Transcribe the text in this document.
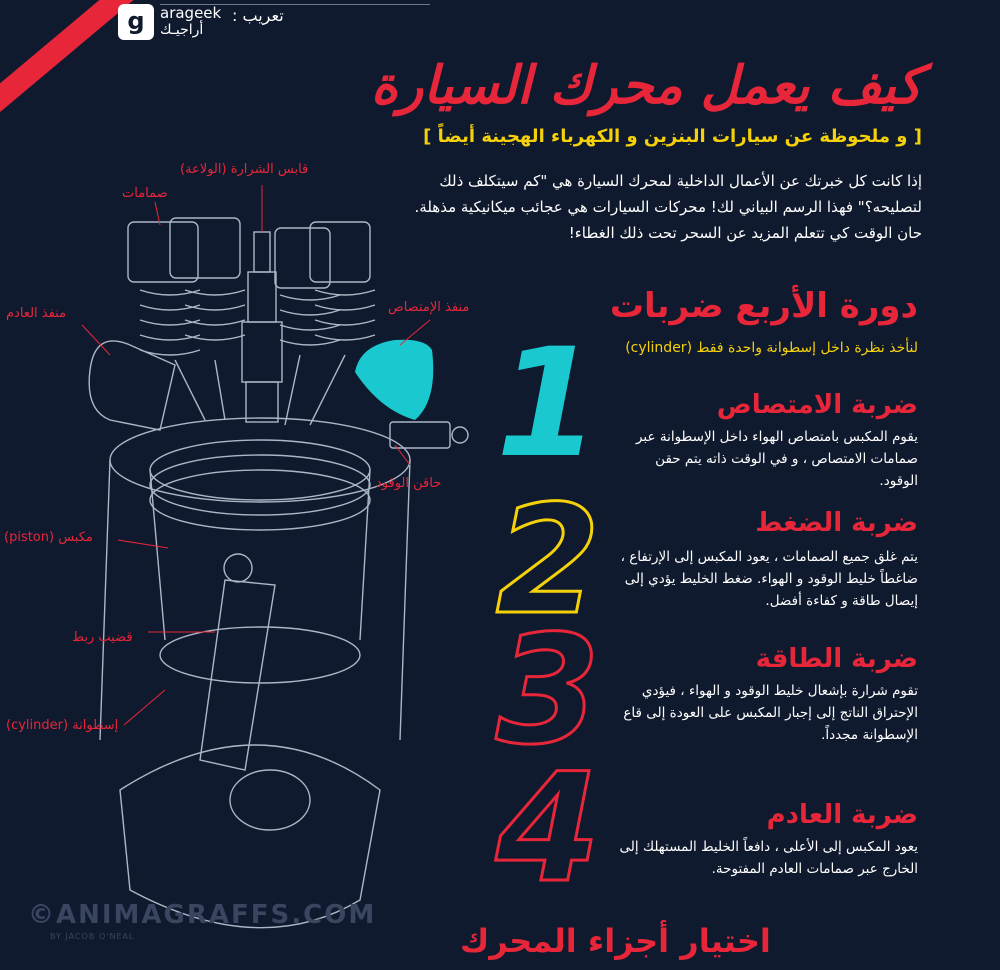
g	arageek
أراجيـك
تعريب :
كيف يعمل محرك السيارة
[ و ملحوظة عن سيارات البنزين و الكهرباء الهجينة أيضاً ]
إذا كانت كل خبرتك عن الأعمال الداخلية لمحرك السيارة هي "كم سيتكلف ذلك لتصليحه؟" فهذا الرسم البياني لك! محركات السيارات هي عجائب ميكانيكية مذهلة. حان الوقت كي تتعلم المزيد عن السحر تحت ذلك الغطاء!
دورة الأربع ضربات
لنأخذ نظرة داخل إسطوانة واحدة فقط (cylinder)
1
2
3
4
قابس الشرارة (الولاعة)
صمامات
منفذ العادم	منفذ الإمتصاص
حاقن الوقود
مكبس (piston)
قضيب ربط
إسطوانة (cylinder)
ضربة الامتصاص
يقوم المكبس بامتصاص الهواء داخل الإسطوانة عبر صمامات الامتصاص ، و في الوقت ذاته يتم حقن الوقود.
ضربة الضغط
يتم غلق جميع الصمامات ، يعود المكبس إلى الإرتفاع ، ضاغطاً خليط الوقود و الهواء. ضغط الخليط يؤدي إلى إيصال طاقة و كفاءة أفضل.
ضربة الطاقة
تقوم شرارة بإشعال خليط الوقود و الهواء ، فيؤدي الإحتراق الناتج إلى إجبار المكبس على العودة إلى قاع الإسطوانة مجدداً.
ضربة العادم
يعود المكبس إلى الأعلى ، دافعاً الخليط المستهلك إلى الخارج عبر صمامات العادم المفتوحة.
©ANIMAGRAFFS.COM
BY JACOB O'NEAL	اختيار أجزاء المحرك
